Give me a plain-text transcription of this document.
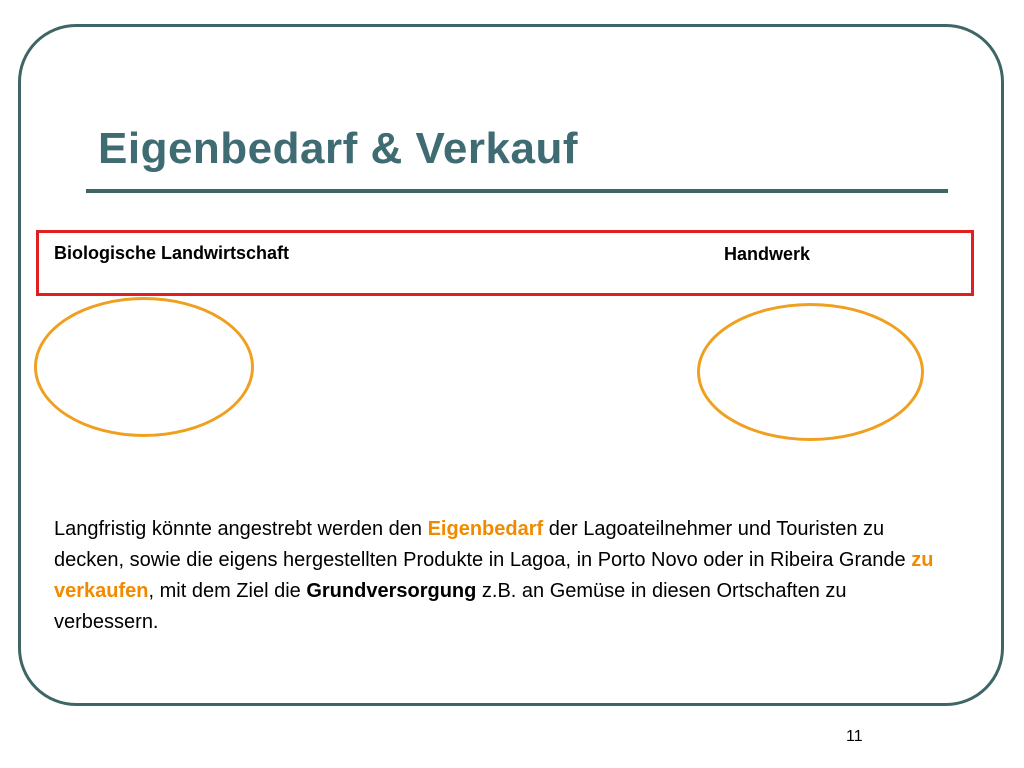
Eigenbedarf & Verkauf
Biologische Landwirtschaft	Handwerk
• Tröpfchenbewässerung
• Kompostierung
• Biogasanlage
• Tierhaltung
(Milchkühe & Fleischrinder)
• Bienenzucht
• ...
• Wasserzisterne
• Tischlern
• Unterkünfte bauen
• Weben
• Kerzen ziehen
• ...
Langfristig könnte angestrebt werden den Eigenbedarf der Lagoateilnehmer und Touristen zu decken, sowie die eigens hergestellten Produkte in Lagoa, in Porto Novo oder in Ribeira Grande zu verkaufen, mit dem Ziel die Grundversorgung z.B. an Gemüse in diesen Ortschaften zu verbessern.
11
